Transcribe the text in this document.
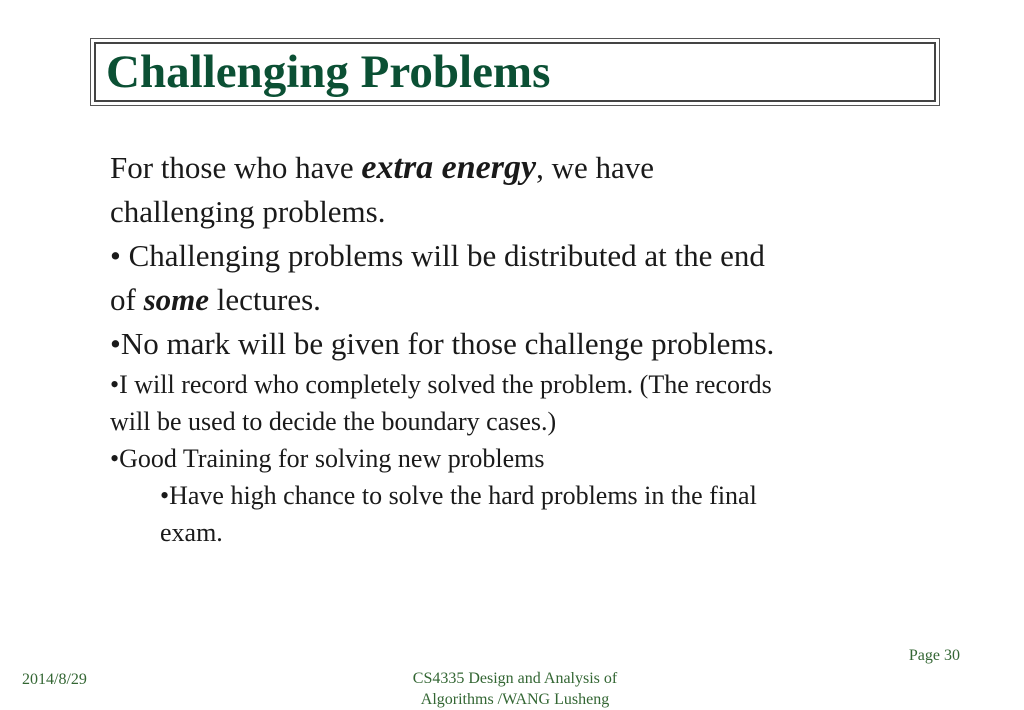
Challenging Problems

For those who have extra energy, we have

challenging problems.

• Challenging problems will be distributed at the end

of some lectures.

•No mark will be given for those challenge problems.

•I will record who completely solved the problem. (The records

will be used to decide the boundary cases.)

•Good Training for solving new problems

•Have high chance to solve the hard problems in the final

exam.

Page 30
2014/8/29	CS4335 Design and Analysis of
Algorithms /WANG Lusheng
